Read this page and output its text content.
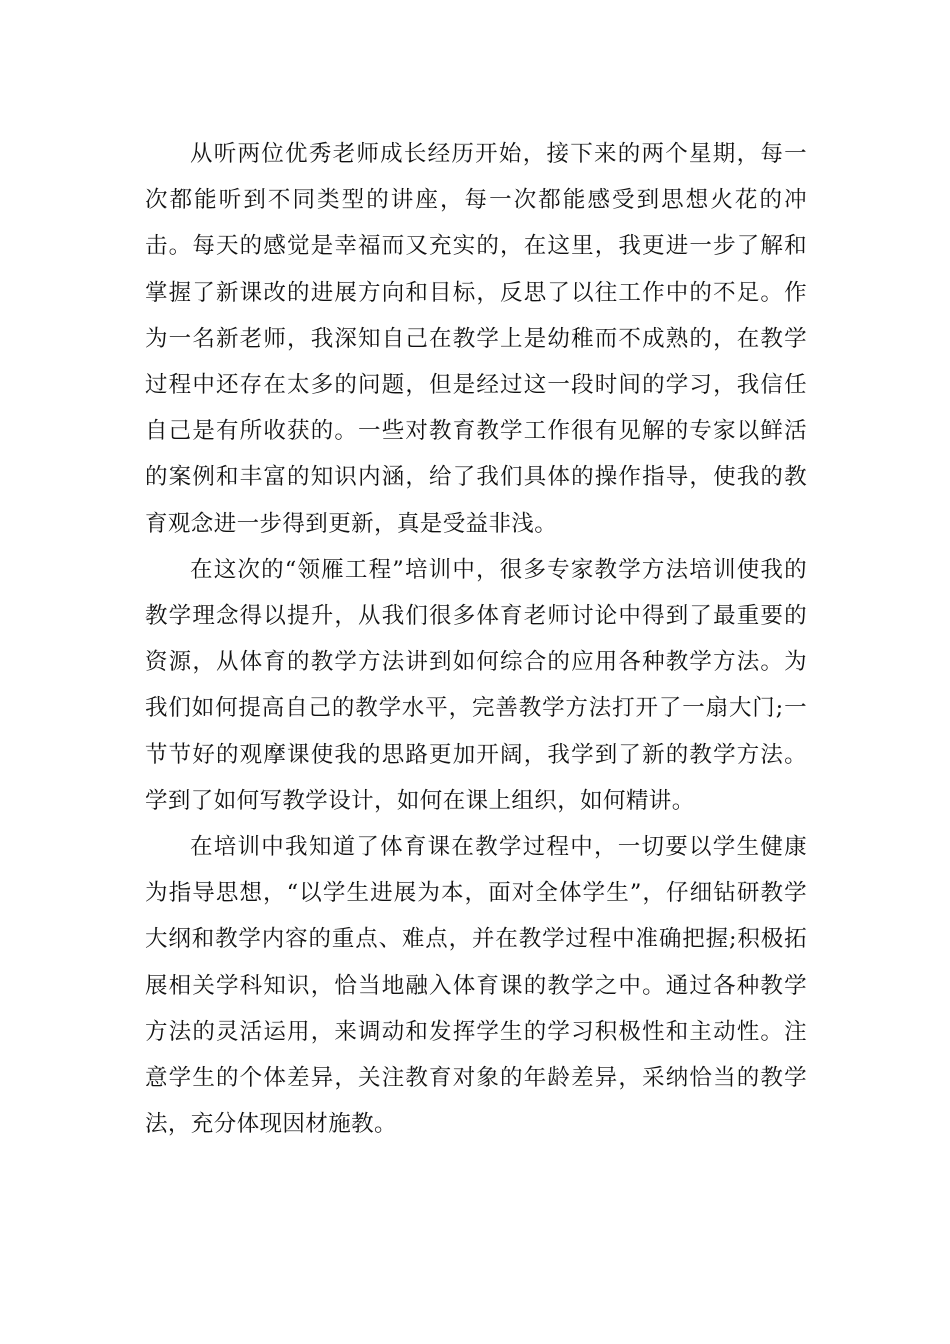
从听两位优秀老师成长经历开始，接下来的两个星期，每一次都能听到不同类型的讲座，每一次都能感受到思想火花的冲击。每天的感觉是幸福而又充实的，在这里，我更进一步了解和掌握了新课改的进展方向和目标，反思了以往工作中的不足。作为一名新老师，我深知自己在教学上是幼稚而不成熟的，在教学过程中还存在太多的问题，但是经过这一段时间的学习，我信任自己是有所收获的。一些对教育教学工作很有见解的专家以鲜活的案例和丰富的知识内涵，给了我们具体的操作指导，使我的教育观念进一步得到更新，真是受益非浅。

在这次的“领雁工程”培训中，很多专家教学方法培训使我的教学理念得以提升，从我们很多体育老师讨论中得到了最重要的资源，从体育的教学方法讲到如何综合的应用各种教学方法。为我们如何提高自己的教学水平，完善教学方法打开了一扇大门;一节节好的观摩课使我的思路更加开阔，我学到了新的教学方法。学到了如何写教学设计，如何在课上组织，如何精讲。

在培训中我知道了体育课在教学过程中，一切要以学生健康为指导思想，“以学生进展为本，面对全体学生”，仔细钻研教学大纲和教学内容的重点、难点，并在教学过程中准确把握;积极拓展相关学科知识，恰当地融入体育课的教学之中。通过各种教学方法的灵活运用，来调动和发挥学生的学习积极性和主动性。注意学生的个体差异，关注教育对象的年龄差异，采纳恰当的教学法，充分体现因材施教。
